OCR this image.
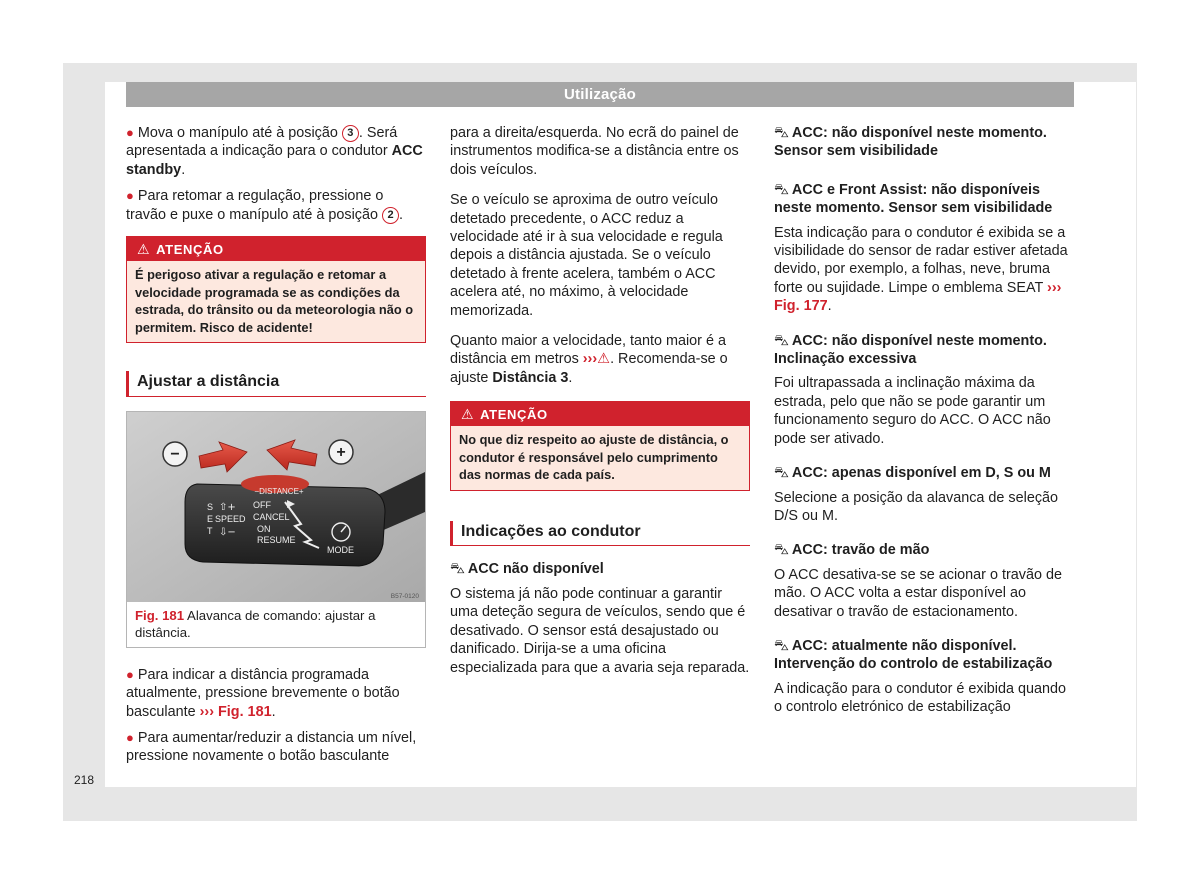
Utilização
218

● Mova o manípulo até à posição 3 . Será apresentada a indicação para o condutor ACC standby.

● Para retomar a regulação, pressione o travão e puxe o manípulo até à posição 2 .

⚠ ATENÇÃO
É perigoso ativar a regulação e retomar a velocidade programada se as condições da estrada, do trânsito ou da meteorologia não o permitem. Risco de acidente!
Ajustar a distância
−	+
−DISTANCE+
S
E
T
⇧+
SPEED
⇩−
OFF
CANCEL
ON
RESUME
MODE
B57-0120
Fig. 181 Alavanca de comando: ajustar a distância.

● Para indicar a distância programada atualmente, pressione brevemente o botão basculante ››› Fig. 181.

● Para aumentar/reduzir a distancia um nível, pressione novamente o botão basculante

para a direita/esquerda. No ecrã do painel de instrumentos modifica-se a distância entre os dois veículos.

Se o veículo se aproxima de outro veículo detetado precedente, o ACC reduz a velocidade até ir à sua velocidade e regula depois a distância ajustada. Se o veículo detetado à frente acelera, também o ACC acelera até, no máximo, à velocidade memorizada.

Quanto maior a velocidade, tanto maior é a distância em metros ›››⚠. Recomenda-se o ajuste Distância 3.

⚠ ATENÇÃO
No que diz respeito ao ajuste de distância, o condutor é responsável pelo cumprimento das normas de cada país.
Indicações ao condutor
⛍ ACC não disponível

O sistema já não pode continuar a garantir uma deteção segura de veículos, sendo que é desativado. O sensor está desajustado ou danificado. Dirija-se a uma oficina especializada para que a avaria seja reparada.

⛍ ACC: não disponível neste momento. Sensor sem visibilidade
⛍ ACC e Front Assist: não disponíveis neste momento. Sensor sem visibilidade

Esta indicação para o condutor é exibida se a visibilidade do sensor de radar estiver afetada devido, por exemplo, a folhas, neve, bruma forte ou sujidade. Limpe o emblema SEAT ››› Fig. 177.

⛍ ACC: não disponível neste momento. Inclinação excessiva

Foi ultrapassada a inclinação máxima da estrada, pelo que não se pode garantir um funcionamento seguro do ACC. O ACC não pode ser ativado.

⛍ ACC: apenas disponível em D, S ou M

Selecione a posição da alavanca de seleção D/S ou M.

⛍ ACC: travão de mão

O ACC desativa-se se se acionar o travão de mão. O ACC volta a estar disponível ao desativar o travão de estacionamento.

⛍ ACC: atualmente não disponível. Intervenção do controlo de estabilização

A indicação para o condutor é exibida quando o controlo eletrónico de estabilização
